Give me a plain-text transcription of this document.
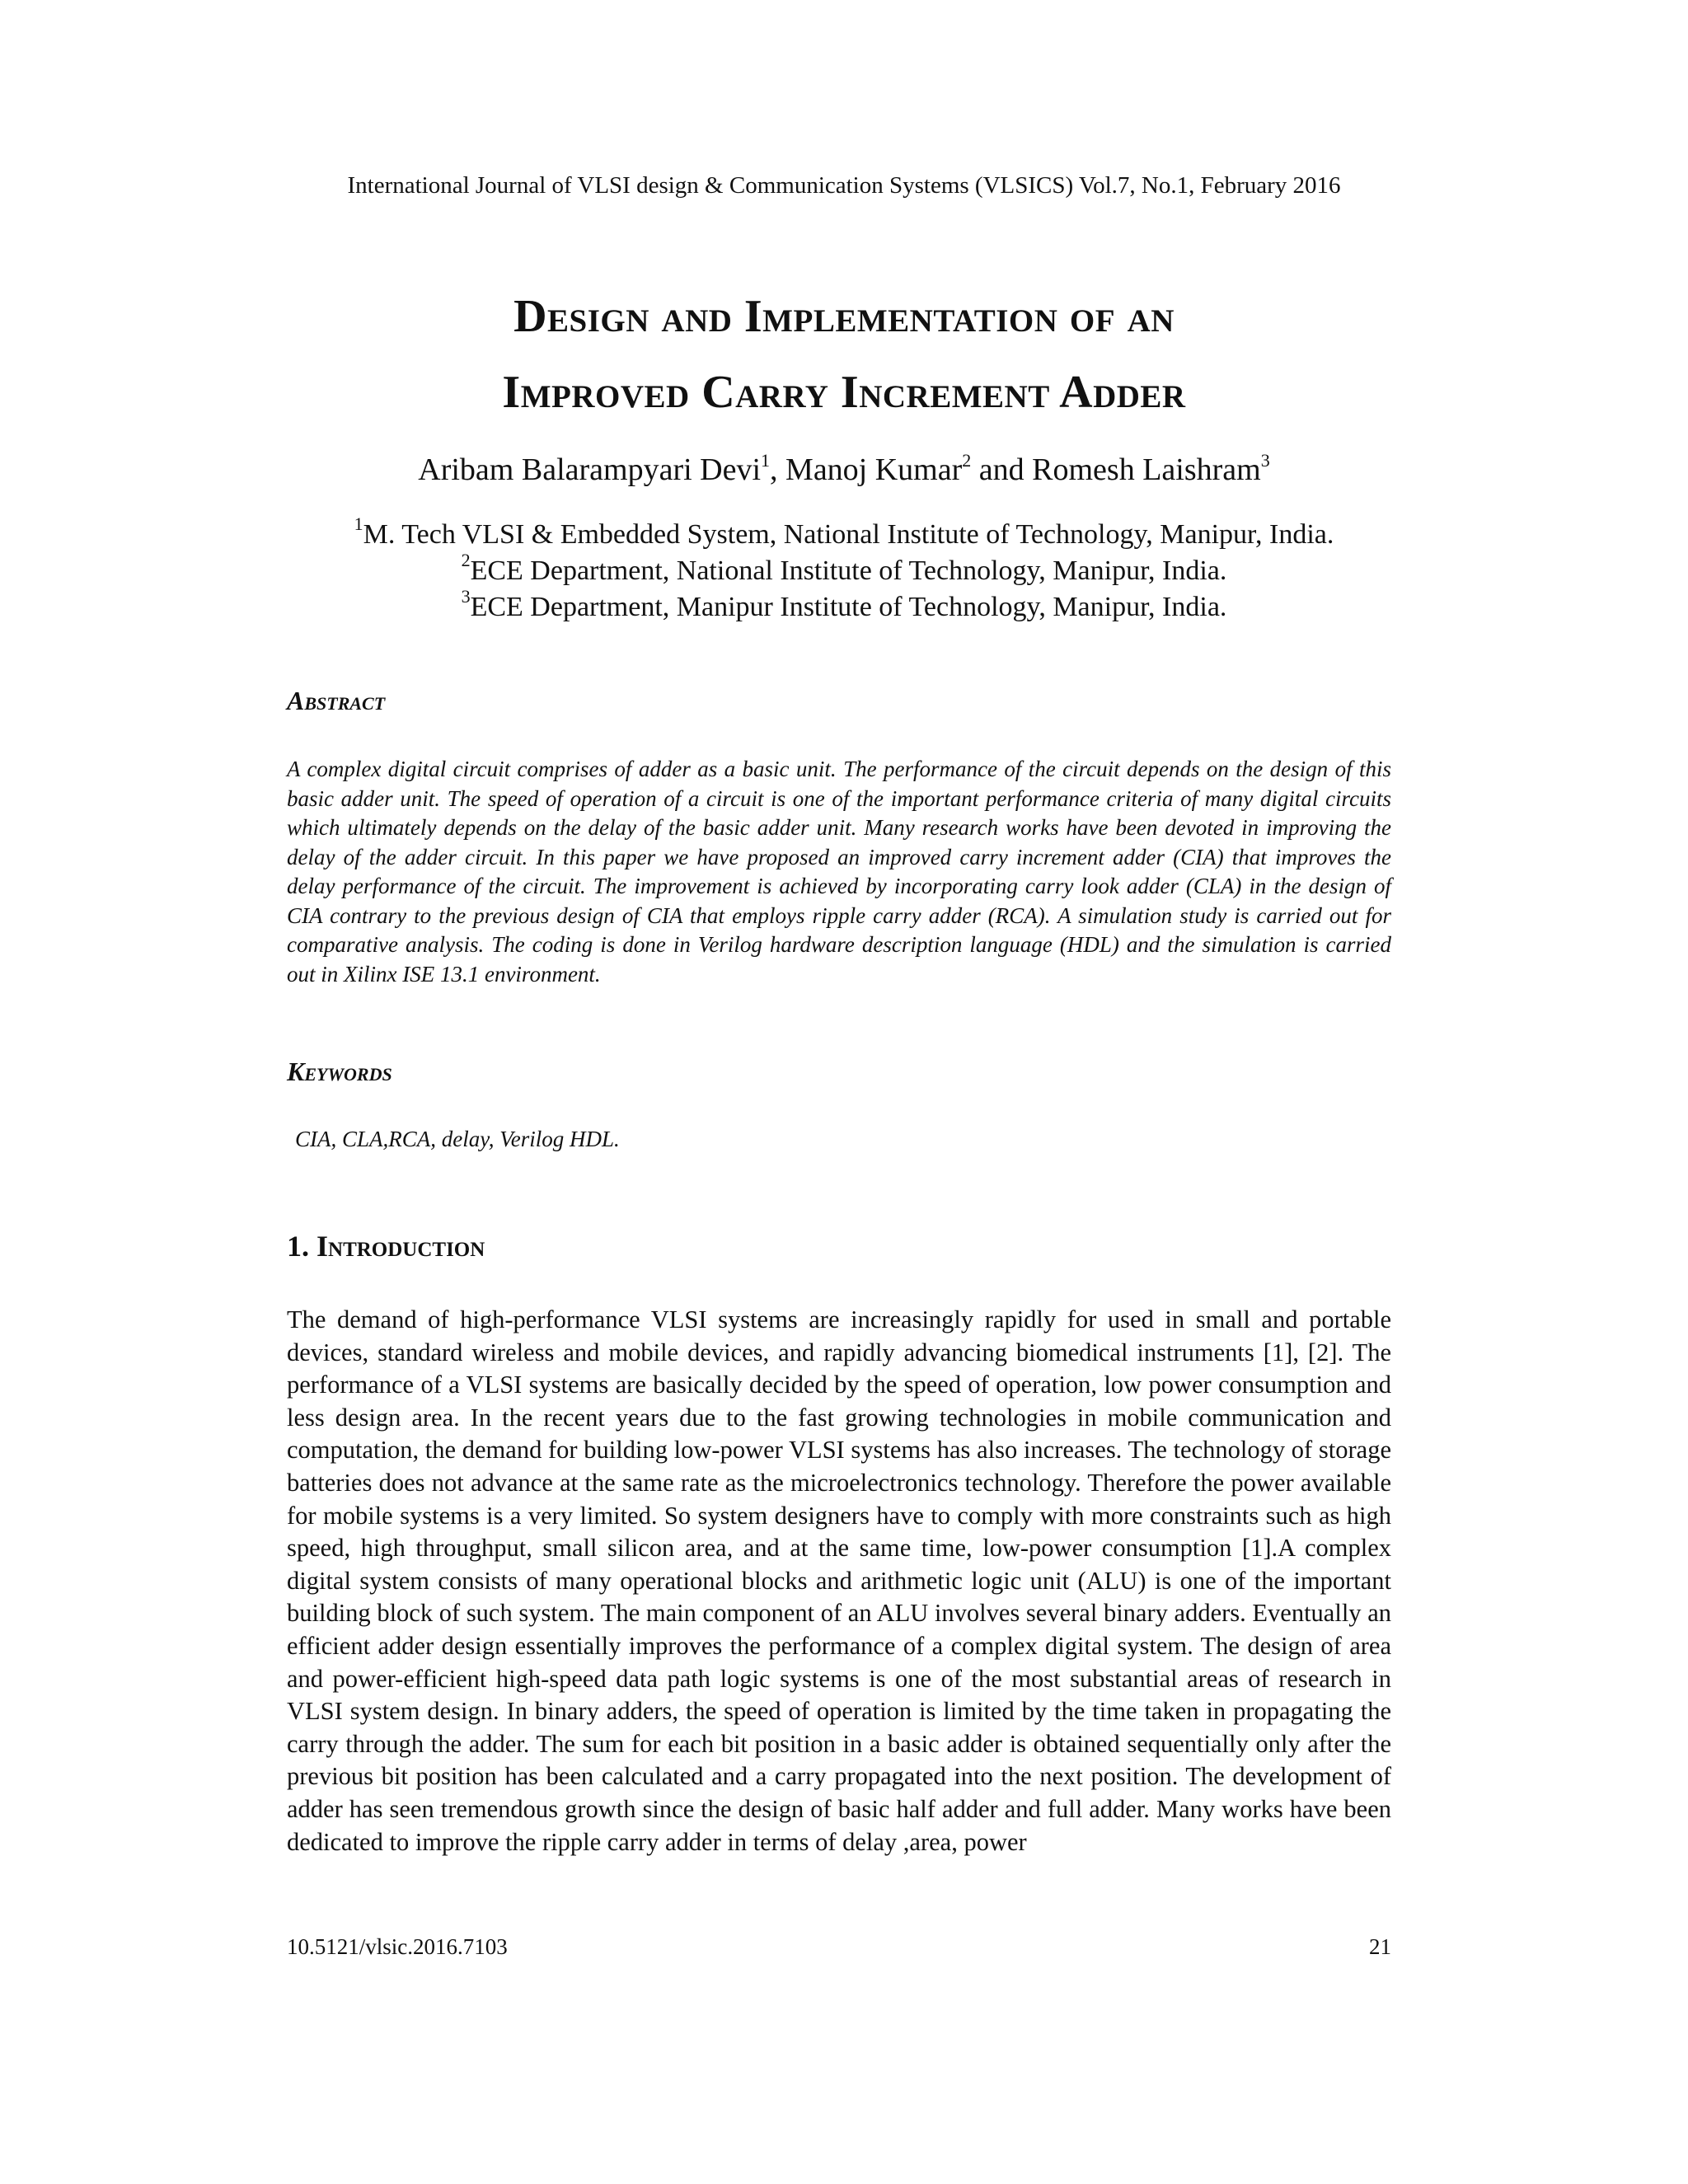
International Journal of VLSI design & Communication Systems (VLSICS) Vol.7, No.1, February 2016
Design and Implementation of an
Improved Carry Increment Adder
Aribam Balarampyari Devi$^1$, Manoj Kumar$^2$ and Romesh Laishram$^3$
$^1$M. Tech VLSI & Embedded System, National Institute of Technology, Manipur, India.
$^2$ECE Department, National Institute of Technology, Manipur, India.
$^3$ECE Department, Manipur Institute of Technology, Manipur, India.
Abstract

A complex digital circuit comprises of adder as a basic unit. The performance of the circuit depends on the design of this basic adder unit. The speed of operation of a circuit is one of the important performance criteria of many digital circuits which ultimately depends on the delay of the basic adder unit. Many research works have been devoted in improving the delay of the adder circuit. In this paper we have proposed an improved carry increment adder (CIA) that improves the delay performance of the circuit. The improvement is achieved by incorporating carry look adder (CLA) in the design of CIA contrary to the previous design of CIA that employs ripple carry adder (RCA). A simulation study is carried out for comparative analysis. The coding is done in Verilog hardware description language (HDL) and the simulation is carried out in Xilinx ISE 13.1 environment.

Keywords

CIA, CLA,RCA, delay, Verilog HDL.

1. Introduction

The demand of high-performance VLSI systems are increasingly rapidly for used in small and portable devices, standard wireless and mobile devices, and rapidly advancing biomedical instruments [1], [2]. The performance of a VLSI systems are basically decided by the speed of operation, low power consumption and less design area. In the recent years due to the fast growing technologies in mobile communication and computation, the demand for building low-power VLSI systems has also increases. The technology of storage batteries does not advance at the same rate as the microelectronics technology. Therefore the power available for mobile systems is a very limited. So system designers have to comply with more constraints such as high speed, high throughput, small silicon area, and at the same time, low-power consumption [1].A complex digital system consists of many operational blocks and arithmetic logic unit (ALU) is one of the important building block of such system. The main component of an ALU involves several binary adders. Eventually an efficient adder design essentially improves the performance of a complex digital system. The design of area and power-efficient high-speed data path logic systems is one of the most substantial areas of research in VLSI system design. In binary adders, the speed of operation is limited by the time taken in propagating the carry through the adder. The sum for each bit position in a basic adder is obtained sequentially only after the previous bit position has been calculated and a carry propagated into the next position. The development of adder has seen tremendous growth since the design of basic half adder and full adder. Many works have been dedicated to improve the ripple carry adder in terms of delay ,area, power

10.5121/vlsic.2016.7103	21
